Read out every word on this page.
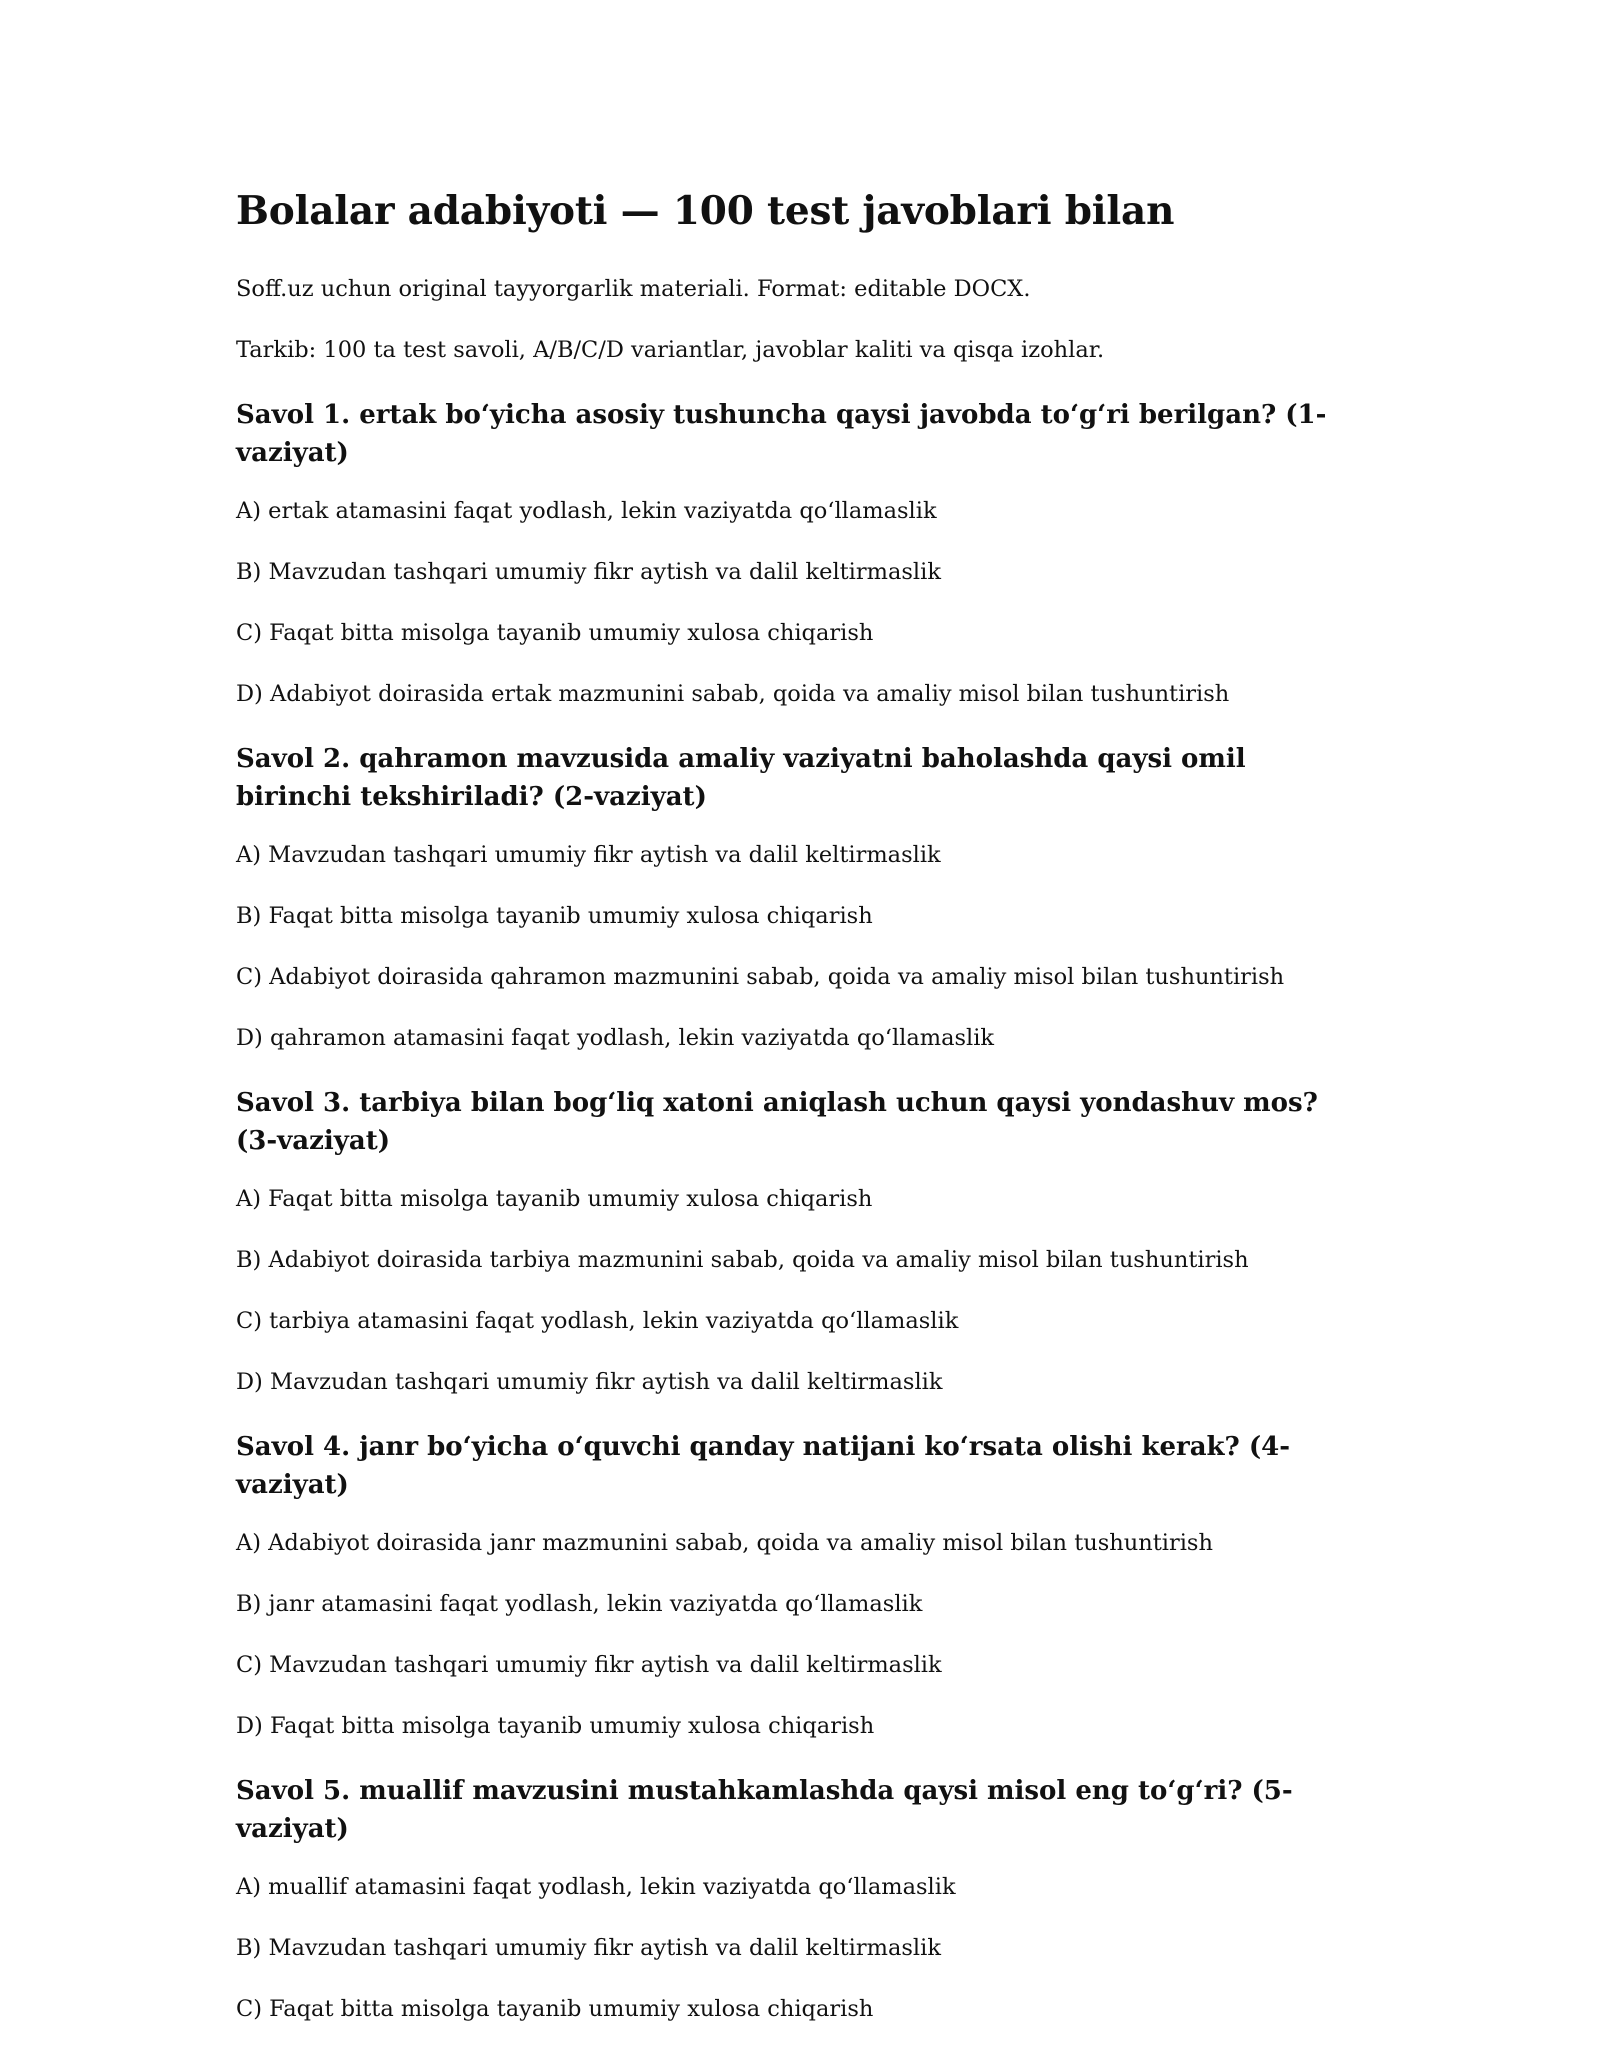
Bolalar adabiyoti — 100 test javoblari bilan

Soff.uz uchun original tayyorgarlik materiali. Format: editable DOCX.

Tarkib: 100 ta test savoli, A/B/C/D variantlar, javoblar kaliti va qisqa izohlar.

Savol 1. ertak bo‘yicha asosiy tushuncha qaysi javobda to‘g‘ri berilgan? (1-vaziyat)

A) ertak atamasini faqat yodlash, lekin vaziyatda qo‘llamaslik

B) Mavzudan tashqari umumiy fikr aytish va dalil keltirmaslik

C) Faqat bitta misolga tayanib umumiy xulosa chiqarish

D) Adabiyot doirasida ertak mazmunini sabab, qoida va amaliy misol bilan tushuntirish

Savol 2. qahramon mavzusida amaliy vaziyatni baholashda qaysi omil birinchi tekshiriladi? (2-vaziyat)

A) Mavzudan tashqari umumiy fikr aytish va dalil keltirmaslik

B) Faqat bitta misolga tayanib umumiy xulosa chiqarish

C) Adabiyot doirasida qahramon mazmunini sabab, qoida va amaliy misol bilan tushuntirish

D) qahramon atamasini faqat yodlash, lekin vaziyatda qo‘llamaslik

Savol 3. tarbiya bilan bog‘liq xatoni aniqlash uchun qaysi yondashuv mos? (3-vaziyat)

A) Faqat bitta misolga tayanib umumiy xulosa chiqarish

B) Adabiyot doirasida tarbiya mazmunini sabab, qoida va amaliy misol bilan tushuntirish

C) tarbiya atamasini faqat yodlash, lekin vaziyatda qo‘llamaslik

D) Mavzudan tashqari umumiy fikr aytish va dalil keltirmaslik

Savol 4. janr bo‘yicha o‘quvchi qanday natijani ko‘rsata olishi kerak? (4-vaziyat)

A) Adabiyot doirasida janr mazmunini sabab, qoida va amaliy misol bilan tushuntirish

B) janr atamasini faqat yodlash, lekin vaziyatda qo‘llamaslik

C) Mavzudan tashqari umumiy fikr aytish va dalil keltirmaslik

D) Faqat bitta misolga tayanib umumiy xulosa chiqarish

Savol 5. muallif mavzusini mustahkamlashda qaysi misol eng to‘g‘ri? (5-vaziyat)

A) muallif atamasini faqat yodlash, lekin vaziyatda qo‘llamaslik

B) Mavzudan tashqari umumiy fikr aytish va dalil keltirmaslik

C) Faqat bitta misolga tayanib umumiy xulosa chiqarish
